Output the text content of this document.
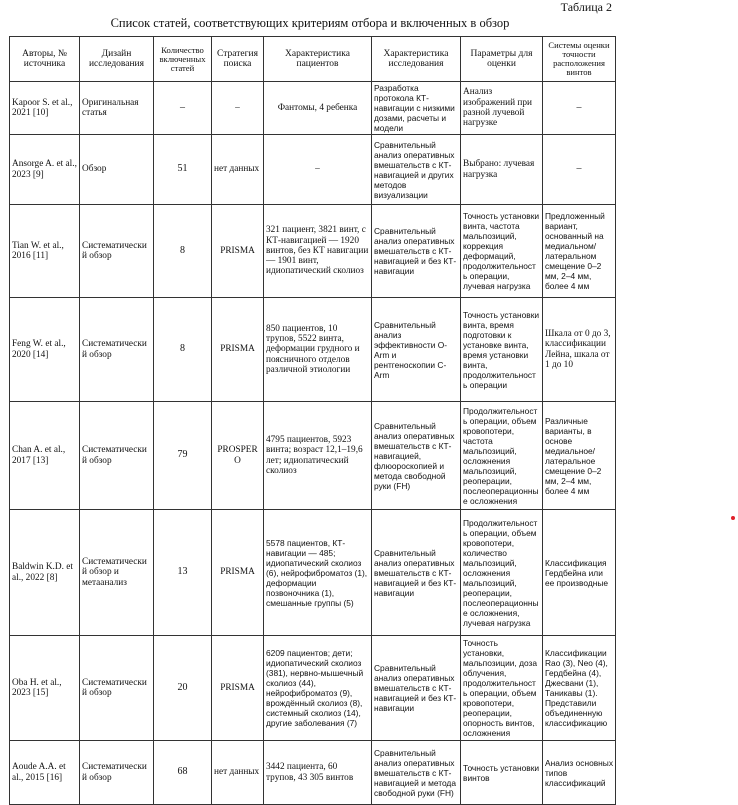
Таблица 2
Список статей, соответствующих критериям отбора и включенных в обзор
Авторы, № источника	Дизайн исследования	Количество включенных статей	Стратегия поиска	Характеристика пациентов	Характеристика исследования	Параметры для оценки	Системы оценки точности расположения винтов
Kapoor S. et al., 2021 [10]	Оригинальная статья	–	–	Фантомы, 4 ребенка	Разработка протокола КТ-навигации с низкими дозами, расчеты и модели	Анализ изображений при разной лучевой нагрузке	–
Ansorge A. et al., 2023 [9]	Обзор	51	нет данных	–	Сравнительный анализ оперативных вмешательств с КТ-навигацией и других методов визуализации	Выбрано: лучевая нагрузка	–
Tian W. et al., 2016 [11]	Систематический обзор	8	PRISMA	321 пациент, 3821 винт, с КТ-навигацией — 1920 винтов, без КТ навигации — 1901 винт, идиопатический сколиоз	Сравнительный анализ оперативных вмешательств с КТ-навигацией и без КТ-навигации	Точность установки винта, частота мальпозиций, коррекция деформаций, продолжительность операции, лучевая нагрузка	Предложенный вариант, основанный на медиальном/латеральном смещение 0–2 мм, 2–4 мм, более 4 мм
Feng W. et al., 2020 [14]	Систематический обзор	8	PRISMA	850 пациентов, 10 трупов, 5522 винта, деформации грудного и поясничного отделов различной этиологии	Сравнительный анализ эффективности O-Arm и рентгеноскопии C-Arm	Точность установки винта, время подготовки к установке винта, время установки винта, продолжительность операции	Шкала от 0 до 3, классификации Лейна, шкала от 1 до 10
Chan A. et al., 2017 [13]	Систематический обзор	79	PROSPERO	4795 пациентов, 5923 винта; возраст 12,1–19,6 лет; идиопатический сколиоз	Сравнительный анализ оперативных вмешательств с КТ-навигацией, флюороскопией и метода свободной руки (FH)	Продолжительность операции, объем кровопотери, частота мальпозиций, осложнения мальпозиций, реоперации, послеоперационные осложнения	Различные варианты, в основе медиальное/латеральное смещение 0–2 мм, 2–4 мм, более 4 мм
Baldwin K.D. et al., 2022 [8]	Систематический обзор и метаанализ	13	PRISMA	5578 пациентов, КТ-навигации — 485; идиопатический сколиоз (6), нейрофиброматоз (1), деформации позвоночника (1), смешанные группы (5)	Сравнительный анализ оперативных вмешательств с КТ-навигацией и без КТ-навигации	Продолжительность операции, объем кровопотери, количество мальпозиций, осложнения мальпозиций, реоперации, послеоперационные осложнения, лучевая нагрузка	Классификация Гердбейна или ее производные
Oba H. et al., 2023 [15]	Систематический обзор	20	PRISMA	6209 пациентов; дети; идиопатический сколиоз (381), нервно-мышечный сколиоз (44), нейрофиброматоз (9), врождённый сколиоз (8), системный сколиоз (14), другие заболевания (7)	Сравнительный анализ оперативных вмешательств с КТ-навигацией и без КТ-навигации	Точность установки, мальпозиции, доза облучения, продолжительность операции, объем кровопотери, реоперации, опорность винтов, осложнения	Классификации Rao (3), Neo (4), Гердбейна (4), Джесвани (1), Таникавы (1). Представили объединенную классификацию
Aoude A.A. et al., 2015 [16]	Систематический обзор	68	нет данных	3442 пациента, 60 трупов, 43 305 винтов	Сравнительный анализ оперативных вмешательств с КТ-навигацией и метода свободной руки (FH)	Точность установки винтов	Анализ основных типов классификаций
